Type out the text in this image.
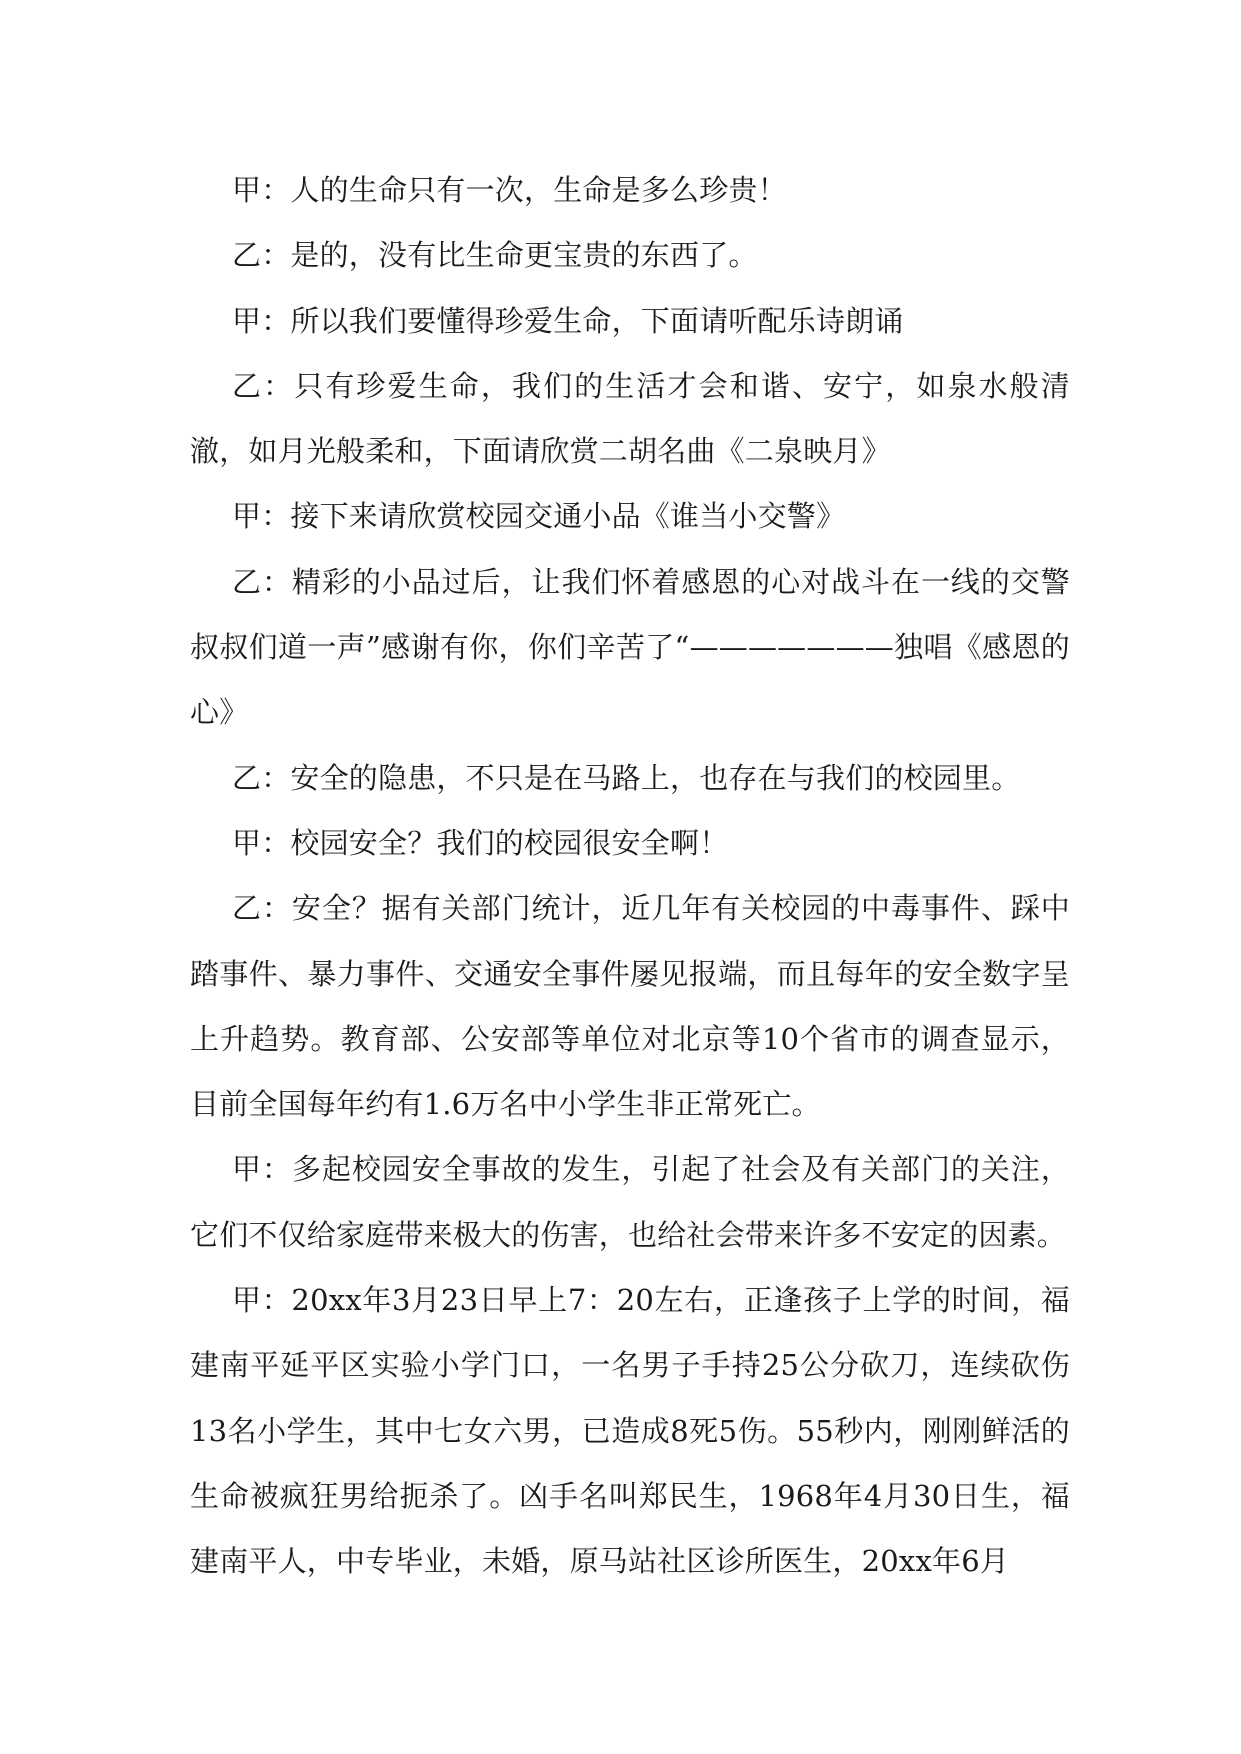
甲：人的生命只有一次，生命是多么珍贵！

乙：是的，没有比生命更宝贵的东西了。

甲：所以我们要懂得珍爱生命，下面请听配乐诗朗诵

乙：只有珍爱生命，我们的生活才会和谐、安宁，如泉水般清澈，如月光般柔和，下面请欣赏二胡名曲《二泉映月》

甲：接下来请欣赏校园交通小品《谁当小交警》

乙：精彩的小品过后，让我们怀着感恩的心对战斗在一线的交警叔叔们道一声”感谢有你，你们辛苦了“———————独唱《感恩的心》

乙：安全的隐患，不只是在马路上，也存在与我们的校园里。

甲：校园安全？我们的校园很安全啊！

乙：安全？据有关部门统计，近几年有关校园的中毒事件、踩中踏事件、暴力事件、交通安全事件屡见报端，而且每年的安全数字呈上升趋势。教育部、公安部等单位对北京等10个省市的调查显示，目前全国每年约有1.6万名中小学生非正常死亡。

甲：多起校园安全事故的发生，引起了社会及有关部门的关注，它们不仅给家庭带来极大的伤害，也给社会带来许多不安定的因素。

甲：20xx年3月23日早上7：20左右，正逢孩子上学的时间，福建南平延平区实验小学门口，一名男子手持25公分砍刀，连续砍伤13名小学生，其中七女六男，已造成8死5伤。55秒内，刚刚鲜活的生命被疯狂男给扼杀了。凶手名叫郑民生，1968年4月30日生，福建南平人，中专毕业，未婚，原马站社区诊所医生，20xx年6月
